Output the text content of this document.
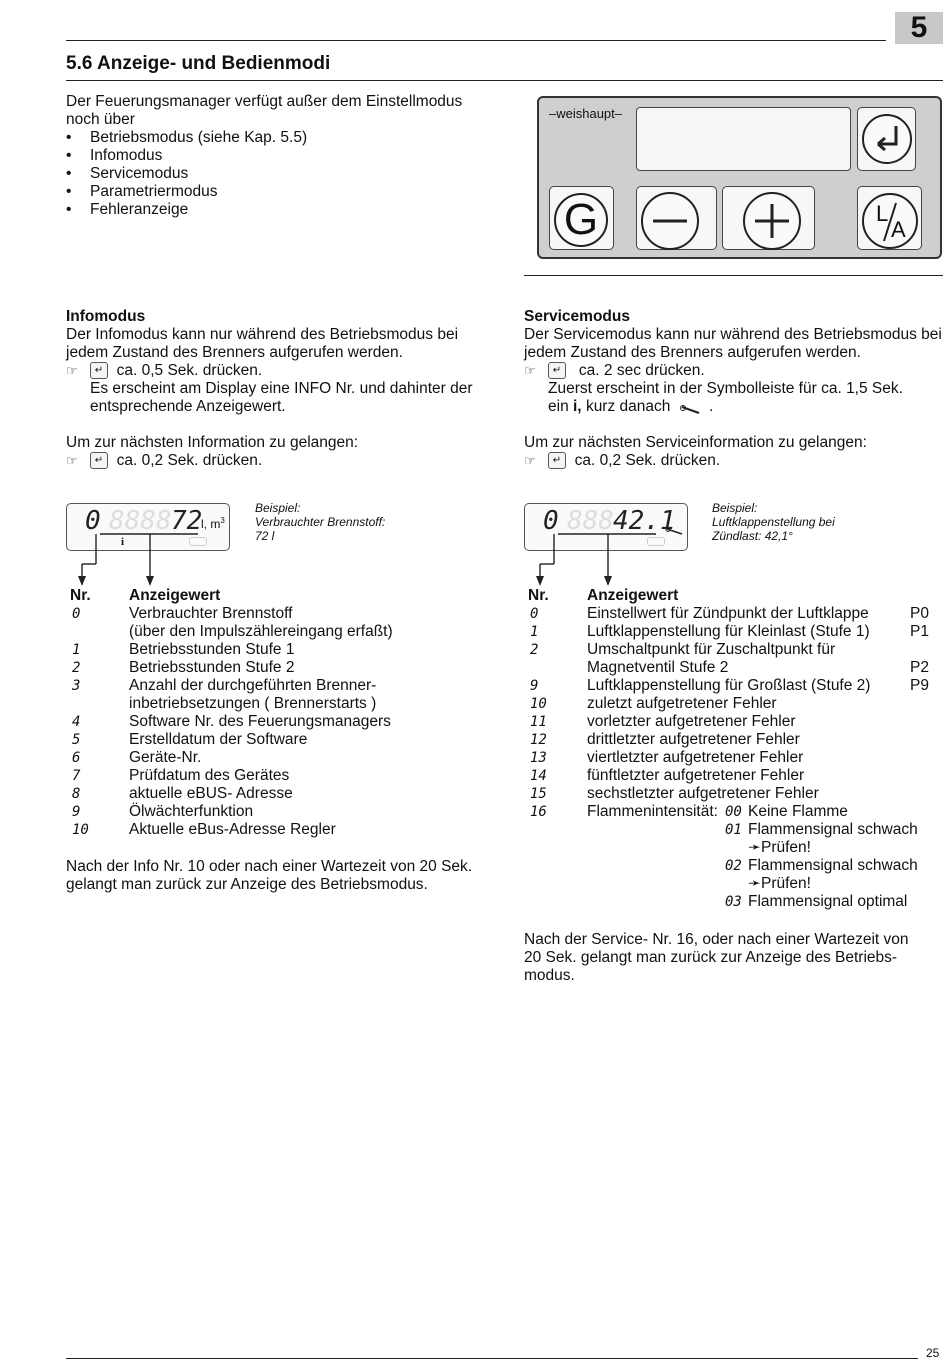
5
5.6 Anzeige- und Bedienmodi
Der Feuerungsmanager verfügt außer dem Einstellmodus noch über
• Betriebsmodus (siehe Kap. 5.5)
• Infomodus
• Servicemodus
• Parametriermodus
• Fehleranzeige
–weishaupt–
G	L
A
Infomodus
Der Infomodus kann nur während des Betriebsmodus bei jedem Zustand des Brenners aufgerufen werden.
☞ ↵ ca. 0,5 Sek. drücken.
Es erscheint am Display eine INFO Nr. und dahinter der entsprechende Anzeigewert.
Um zur nächsten Information zu gelangen:
☞ ↵ ca. 0,2 Sek. drücken.
0 8888 72
l, $m^3$
i
Beispiel:
Verbrauchter Brennstoff:
72 l
Nr. Anzeigewert
0	Verbrauchter Brennstoff
(über den Impulszählereingang erfaßt)
1	Betriebsstunden Stufe 1
2	Betriebsstunden Stufe 2
3	Anzahl der durchgeführten Brenner-
inbetriebsetzungen ( Brennerstarts )
4	Software Nr. des Feuerungsmanagers
5	Erstelldatum der Software
6	Geräte-Nr.
7	Prüfdatum des Gerätes
8	aktuelle eBUS- Adresse
9	Ölwächterfunktion
10	Aktuelle eBus-Adresse Regler
Nach der Info Nr. 10 oder nach einer Wartezeit von 20 Sek. gelangt man zurück zur Anzeige des Betriebsmodus.
Servicemodus
Der Servicemodus kann nur während des Betriebsmodus bei jedem Zustand des Brenners aufgerufen werden.
☞ ↵ ca. 2 sec drücken.
Zuerst erscheint in der Symbolleiste für ca. 1,5 Sek.
ein i, kurz danach .
Um zur nächsten Serviceinformation zu gelangen:
☞ ↵ ca. 0,2 Sek. drücken.
0 888 42.1	Beispiel:
Luftklappenstellung bei
Zündlast: 42,1°
Nr. Anzeigewert
0	Einstellwert für Zündpunkt der Luftklappe	P0
1	Luftklappenstellung für Kleinlast (Stufe 1)	P1
2	Umschaltpunkt für Zuschaltpunkt für
Magnetventil Stufe 2	P2
9	Luftklappenstellung für Großlast (Stufe 2)	P9
10	zuletzt aufgetretener Fehler
11	vorletzter aufgetretener Fehler
12	drittletzter aufgetretener Fehler
13	viertletzter aufgetretener Fehler
14	fünftletzter aufgetretener Fehler
15	sechstletzter aufgetretener Fehler
16	Flammenintensität: 00 Keine Flamme
01 Flammensignal schwach
➛Prüfen!
02 Flammensignal schwach
➛Prüfen!
03 Flammensignal optimal
Nach der Service- Nr. 16, oder nach einer Wartezeit von 20 Sek. gelangt man zurück zur Anzeige des Betriebs-modus.
25
